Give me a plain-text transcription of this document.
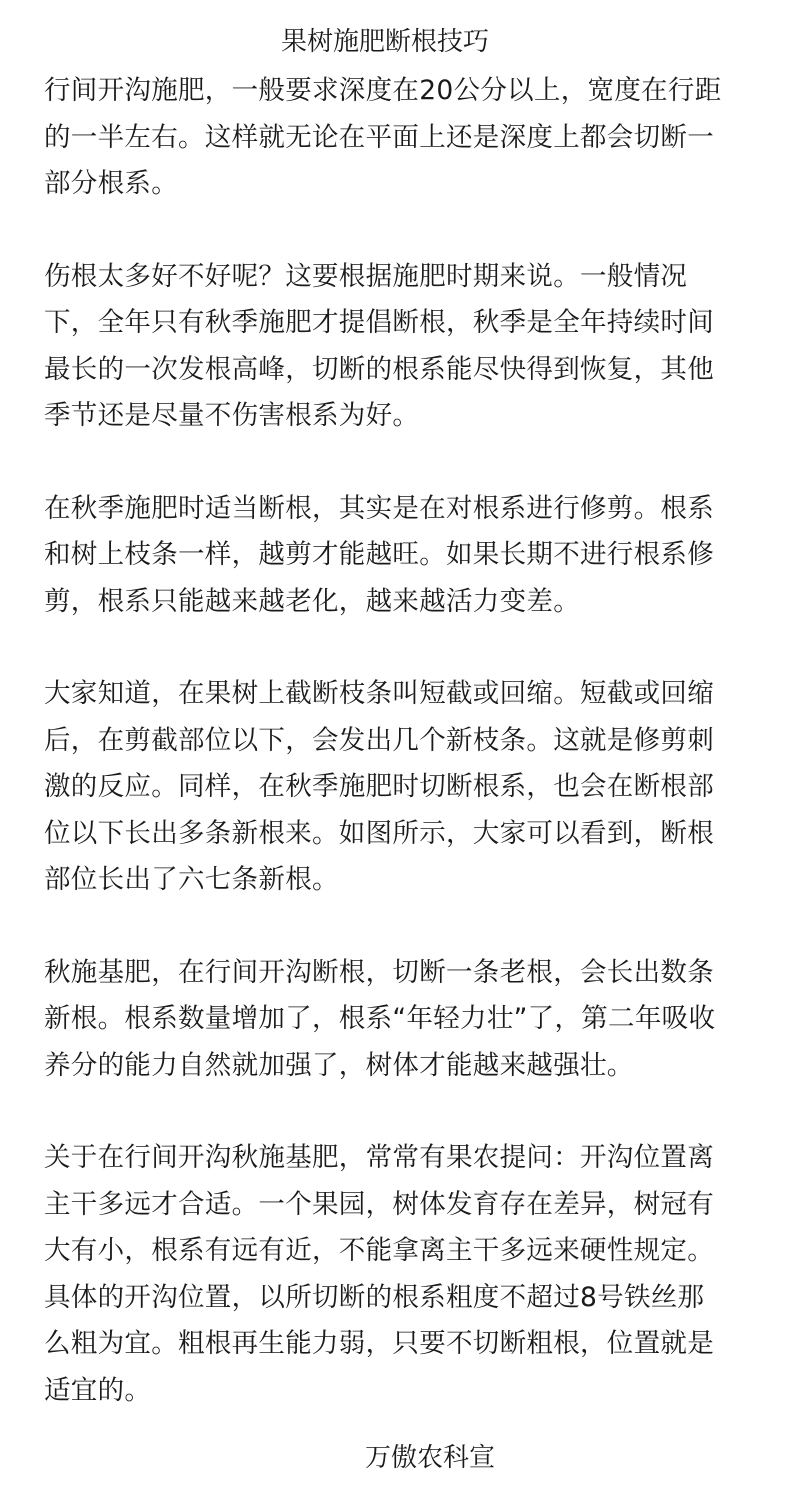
果树施肥断根技巧

行间开沟施肥，一般要求深度在20公分以上，宽度在行距
的一半左右。这样就无论在平面上还是深度上都会切断一
部分根系。

伤根太多好不好呢？这要根据施肥时期来说。一般情况
下，全年只有秋季施肥才提倡断根，秋季是全年持续时间
最长的一次发根高峰，切断的根系能尽快得到恢复，其他
季节还是尽量不伤害根系为好。

在秋季施肥时适当断根，其实是在对根系进行修剪。根系
和树上枝条一样，越剪才能越旺。如果长期不进行根系修
剪，根系只能越来越老化，越来越活力变差。

大家知道，在果树上截断枝条叫短截或回缩。短截或回缩
后，在剪截部位以下，会发出几个新枝条。这就是修剪刺
激的反应。同样，在秋季施肥时切断根系，也会在断根部
位以下长出多条新根来。如图所示，大家可以看到，断根
部位长出了六七条新根。

秋施基肥，在行间开沟断根，切断一条老根，会长出数条
新根。根系数量增加了，根系“年轻力壮”了，第二年吸收
养分的能力自然就加强了，树体才能越来越强壮。

关于在行间开沟秋施基肥，常常有果农提问：开沟位置离
主干多远才合适。一个果园，树体发育存在差异，树冠有
大有小，根系有远有近，不能拿离主干多远来硬性规定。
具体的开沟位置，以所切断的根系粗度不超过8号铁丝那
么粗为宜。粗根再生能力弱，只要不切断粗根，位置就是
适宜的。

万傲农科宣
